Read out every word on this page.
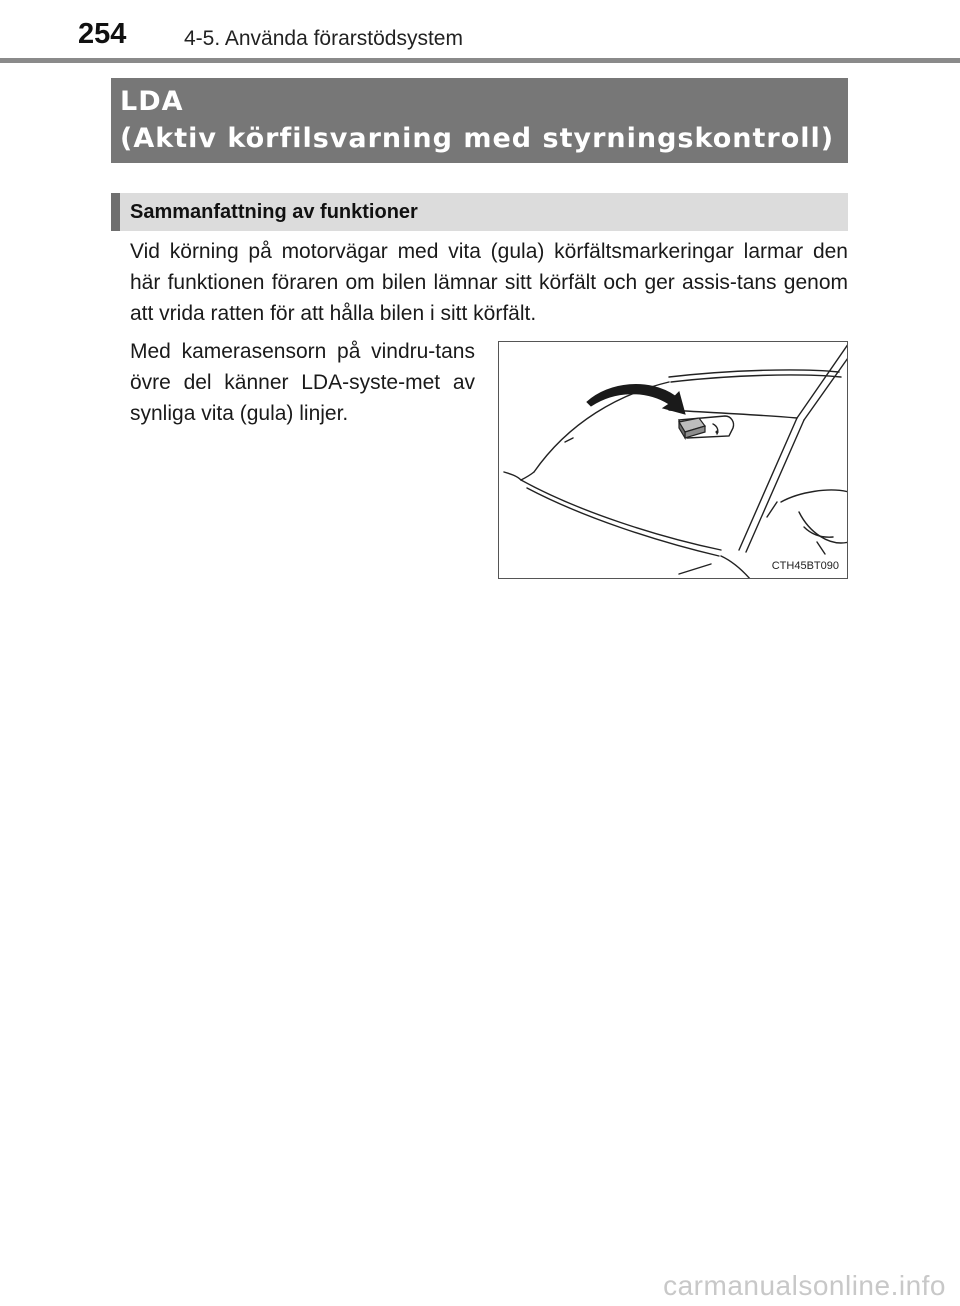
254	4-5. Använda förarstödsystem
LDA
(Aktiv körfilsvarning med styrningskontroll)
Sammanfattning av funktioner

Vid körning på motorvägar med vita (gula) körfältsmarkeringar larmar den här funktionen föraren om bilen lämnar sitt körfält och ger assis-tans genom att vrida ratten för att hålla bilen i sitt körfält.

Med kamerasensorn på vindru-tans övre del känner LDA-syste-met av synliga vita (gula) linjer.

CTH45BT090
carmanualsonline.info
